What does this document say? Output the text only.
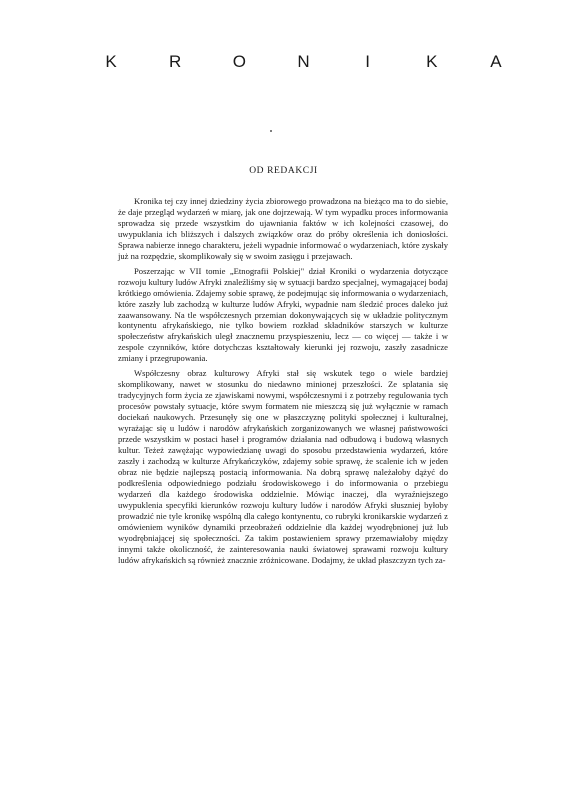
K	R	O	N	I	K	A
OD REDAKCJI

Kronika tej czy innej dziedziny życia zbiorowego prowadzona na bieżąco ma to do siebie, że daje przegląd wydarzeń w miarę, jak one dojrzewają. W tym wypadku proces informowania sprowadza się przede wszystkim do ujawniania faktów w ich kolejności czasowej, do uwypuklania ich bliższych i dalszych związków oraz do próby określenia ich doniosłości. Sprawa nabierze innego charakteru, jeżeli wypadnie informować o wydarzeniach, które zyskały już na rozpędzie, skomplikowały się w swoim zasięgu i przejawach.

Poszerzając w VII tomie „Etnografii Polskiej" dział Kroniki o wydarzenia dotyczące rozwoju kultury ludów Afryki znaleźliśmy się w sytuacji bardzo specjalnej, wymagającej bodaj krótkiego omówienia. Zdajemy sobie sprawę, że podejmując się informowania o wydarzeniach, które zaszły lub zachodzą w kulturze ludów Afryki, wypadnie nam śledzić proces daleko już zaawansowany. Na tle współczesnych przemian dokonywających się w układzie politycznym kontynentu afrykańskiego, nie tylko bowiem rozkład składników starszych w kulturze społeczeństw afrykańskich uległ znacznemu przyspieszeniu, lecz — co więcej — także i w zespole czynników, które dotychczas kształtowały kierunki jej rozwoju, zaszły zasadnicze zmiany i przegrupowania.

Współczesny obraz kulturowy Afryki stał się wskutek tego o wiele bardziej skomplikowany, nawet w stosunku do niedawno minionej przeszłości. Ze splatania się tradycyjnych form życia ze zjawiskami nowymi, współczesnymi i z potrzeby regulowania tych procesów powstały sytuacje, które swym formatem nie mieszczą się już wyłącznie w ramach dociekań naukowych. Przesunęły się one w płaszczyznę polityki społecznej i kulturalnej, wyrażając się u ludów i narodów afrykańskich zorganizowanych we własnej państwowości przede wszystkim w postaci haseł i programów działania nad odbudową i budową własnych kultur. Teżeż zawężając wypowiedzianę uwagi do sposobu przedstawienia wydarzeń, które zaszły i zachodzą w kulturze Afrykańczyków, zdajemy sobie sprawę, że scalenie ich w jeden obraz nie będzie najlepszą postacią informowania. Na dobrą sprawę należałoby dążyć do podkreślenia odpowiedniego podziału środowiskowego i do informowania o przebiegu wydarzeń dla każdego środowiska oddzielnie. Mówiąc inaczej, dla wyraźniejszego uwypuklenia specyfiki kierunków rozwoju kultury ludów i narodów Afryki słuszniej byłoby prowadzić nie tyle kronikę wspólną dla całego kontynentu, co rubryki kronikarskie wydarzeń z omówieniem wyników dynamiki przeobrażeń oddzielnie dla każdej wyodrębnionej już lub wyodrębniającej się społeczności. Za takim postawieniem sprawy przemawiałoby między innymi także okoliczność, że zainteresowania nauki światowej sprawami rozwoju kultury ludów afrykańskich są również znacznie zróżnicowane. Dodajmy, że układ płaszczyzn tych za-
